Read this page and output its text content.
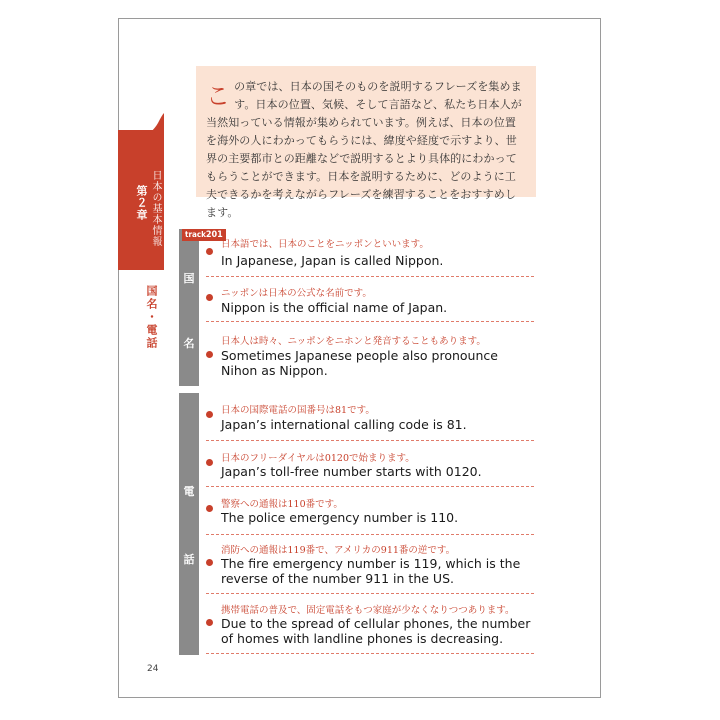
日本の基本情報
第２章
国名・電話

この章では、日本の国そのものを説明するフレーズを集めます。日本の位置、気候、そして言語など、私たち日本人が当然知っている情報が集められています。例えば、日本の位置を海外の人にわかってもらうには、緯度や経度で示すより、世界の主要都市との距離などで説明するとより具体的にわかってもらうことができます。日本を説明するために、どのように工夫できるかを考えながらフレーズを練習することをおすすめします。

国
名
電
話
track201
日本語では、日本のことをニッポンといいます。
In Japanese, Japan is called Nippon.
ニッポンは日本の公式な名前です。
Nippon is the official name of Japan.
日本人は時々、ニッポンをニホンと発音することもあります。
Sometimes Japanese people also pronounce Nihon as Nippon.
日本の国際電話の国番号は81です。
Japan’s international calling code is 81.
日本のフリーダイヤルは0120で始まります。
Japan’s toll-free number starts with 0120.
警察への通報は110番です。
The police emergency number is 110.
消防への通報は119番で、アメリカの911番の逆です。
The fire emergency number is 119, which is the reverse of the number 911 in the US.
携帯電話の普及で、固定電話をもつ家庭が少なくなりつつあります。
Due to the spread of cellular phones, the number of homes with landline phones is decreasing.
24
